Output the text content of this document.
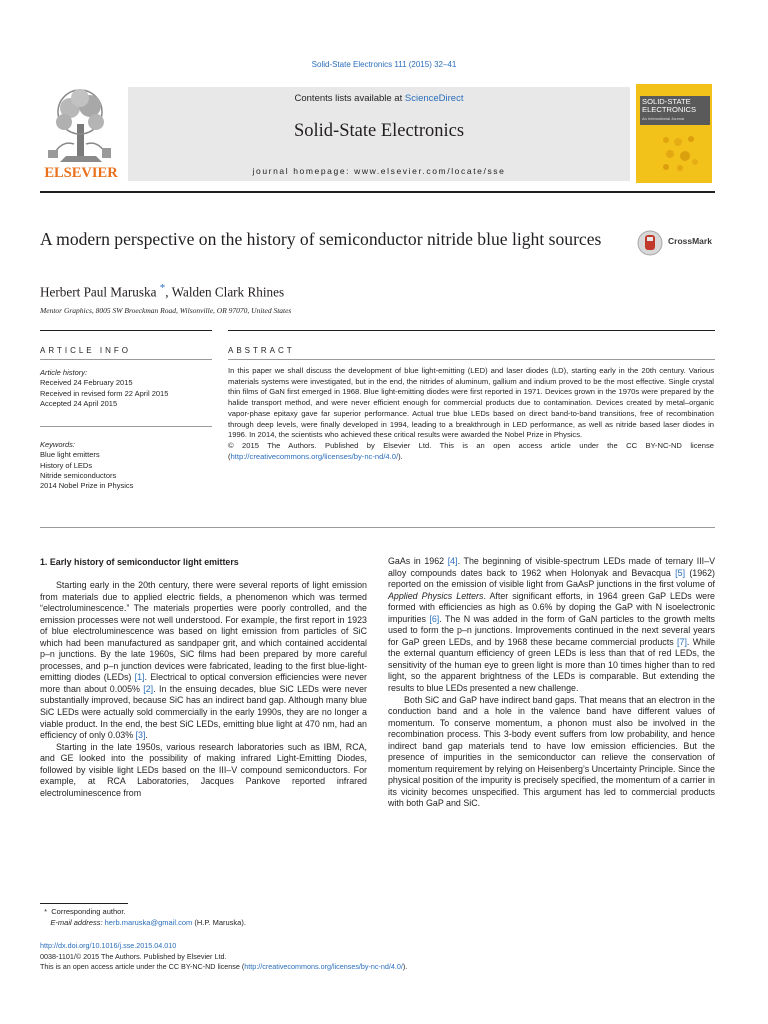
Solid-State Electronics 111 (2015) 32–41
ELSEVIER
Contents lists available at ScienceDirect
Solid-State Electronics
journal homepage: www.elsevier.com/locate/sse
SOLID-STATE ELECTRONICS
An International Journal
A modern perspective on the history of semiconductor nitride blue light sources	CrossMark
Herbert Paul Maruska *, Walden Clark Rhines
Mentor Graphics, 8005 SW Broeckman Road, Wilsonville, OR 97070, United States
ARTICLE INFO	ABSTRACT
Article history:
Received 24 February 2015
Received in revised form 22 April 2015
Accepted 24 April 2015
Keywords:
Blue light emitters
History of LEDs
Nitride semiconductors
2014 Nobel Prize in Physics

In this paper we shall discuss the development of blue light-emitting (LED) and laser diodes (LD), starting early in the 20th century. Various materials systems were investigated, but in the end, the nitrides of aluminum, gallium and indium proved to be the most effective. Single crystal thin films of GaN first emerged in 1968. Blue light-emitting diodes were first reported in 1971. Devices grown in the 1970s were prepared by the halide transport method, and were never efficient enough for commercial products due to contamination. Devices created by metal–organic vapor-phase epitaxy gave far superior performance. Actual true blue LEDs based on direct band-to-band transitions, free of recombination through deep levels, were finally developed in 1994, leading to a breakthrough in LED performance, as well as nitride based laser diodes in 1996. In 2014, the scientists who achieved these critical results were awarded the Nobel Prize in Physics.

© 2015 The Authors. Published by Elsevier Ltd. This is an open access article under the CC BY-NC-ND license (http://creativecommons.org/licenses/by-nc-nd/4.0/).

1. Early history of semiconductor light emitters

Starting early in the 20th century, there were several reports of light emission from materials due to applied electric fields, a phenomenon which was termed “electroluminescence.” The materials properties were poorly controlled, and the emission processes were not well understood. For example, the first report in 1923 of blue electroluminescence was based on light emission from particles of SiC which had been manufactured as sandpaper grit, and which contained accidental p–n junctions. By the late 1960s, SiC films had been prepared by more careful processes, and p–n junction devices were fabricated, leading to the first blue-light-emitting diodes (LEDs) [1]. Electrical to optical conversion efficiencies were never more than about 0.005% [2]. In the ensuing decades, blue SiC LEDs were never substantially improved, because SiC has an indirect band gap. Although many blue SiC LEDs were actually sold commercially in the early 1990s, they are no longer a viable product. In the end, the best SiC LEDs, emitting blue light at 470 nm, had an efficiency of only 0.03% [3].

Starting in the late 1950s, various research laboratories such as IBM, RCA, and GE looked into the possibility of making infrared Light-Emitting Diodes, followed by visible light LEDs based on the III–V compound semiconductors. For example, at RCA Laboratories, Jacques Pankove reported infrared electroluminescence from

GaAs in 1962 [4]. The beginning of visible-spectrum LEDs made of ternary III–V alloy compounds dates back to 1962 when Holonyak and Bevacqua [5] (1962) reported on the emission of visible light from GaAsP junctions in the first volume of Applied Physics Letters. After significant efforts, in 1964 green GaP LEDs were formed with efficiencies as high as 0.6% by doping the GaP with N isoelectronic impurities [6]. The N was added in the form of GaN particles to the growth melts used to form the p–n junctions. Improvements continued in the next several years for GaP green LEDs, and by 1968 these became commercial products [7]. While the external quantum efficiency of green LEDs is less than that of red LEDs, the sensitivity of the human eye to green light is more than 10 times higher than to red light, so the apparent brightness of the LEDs is comparable. But extending the results to blue LEDs presented a new challenge.

Both SiC and GaP have indirect band gaps. That means that an electron in the conduction band and a hole in the valence band have different values of momentum. To conserve momentum, a phonon must also be involved in the recombination process. This 3-body event suffers from low probability, and hence indirect band gap materials tend to have low emission efficiencies. But the presence of impurities in the semiconductor can relieve the conservation of momentum requirement by relying on Heisenberg’s Uncertainty Principle. Since the physical position of the impurity is precisely specified, the momentum of a carrier in its vicinity becomes unspecified. This argument has led to commercial products with both GaP and SiC.

* Corresponding author.
E-mail address: herb.maruska@gmail.com (H.P. Maruska).
http://dx.doi.org/10.1016/j.sse.2015.04.010
0038-1101/© 2015 The Authors. Published by Elsevier Ltd.
This is an open access article under the CC BY-NC-ND license (http://creativecommons.org/licenses/by-nc-nd/4.0/).
